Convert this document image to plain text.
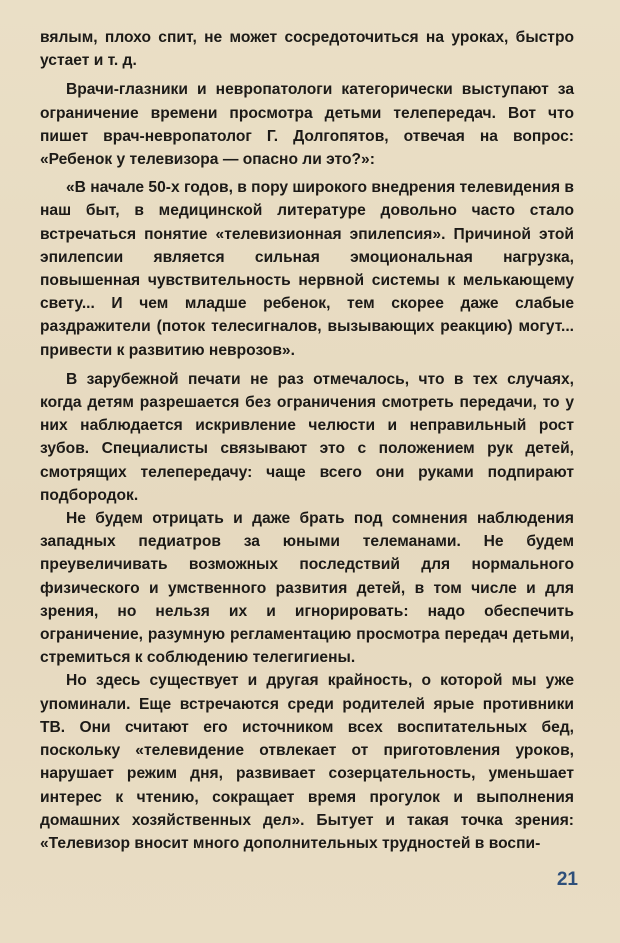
вялым, плохо спит, не может сосредоточиться на уроках, быстро устает и т. д.

Врачи-глазники и невропатологи категорически выступают за ограничение времени просмотра детьми телепередач. Вот что пишет врач-невропатолог Г. Долгопятов, отвечая на вопрос: «Ребенок у телевизора — опасно ли это?»:

«В начале 50-х годов, в пору широкого внедрения телевидения в наш быт, в медицинской литературе довольно часто стало встречаться понятие «телевизионная эпилепсия». Причиной этой эпилепсии является сильная эмоциональная нагрузка, повышенная чувствительность нервной системы к мелькающему свету... И чем младше ребенок, тем скорее даже слабые раздражители (поток телесигналов, вызывающих реакцию) могут... привести к развитию неврозов».

В зарубежной печати не раз отмечалось, что в тех случаях, когда детям разрешается без ограничения смотреть передачи, то у них наблюдается искривление челюсти и неправильный рост зубов. Специалисты связывают это с положением рук детей, смотрящих телепередачу: чаще всего они руками подпирают подбородок.

Не будем отрицать и даже брать под сомнения наблюдения западных педиатров за юными телеманами. Не будем преувеличивать возможных последствий для нормального физического и умственного развития детей, в том числе и для зрения, но нельзя их и игнорировать: надо обеспечить ограничение, разумную регламентацию просмотра передач детьми, стремиться к соблюдению телегигиены.

Но здесь существует и другая крайность, о которой мы уже упоминали. Еще встречаются среди родителей ярые противники ТВ. Они считают его источником всех воспитательных бед, поскольку «телевидение отвлекает от приготовления уроков, нарушает режим дня, развивает созерцательность, уменьшает интерес к чтению, сокращает время прогулок и выполнения домашних хозяйственных дел». Бытует и такая точка зрения: «Телевизор вносит много дополнительных трудностей в воспи-

21
